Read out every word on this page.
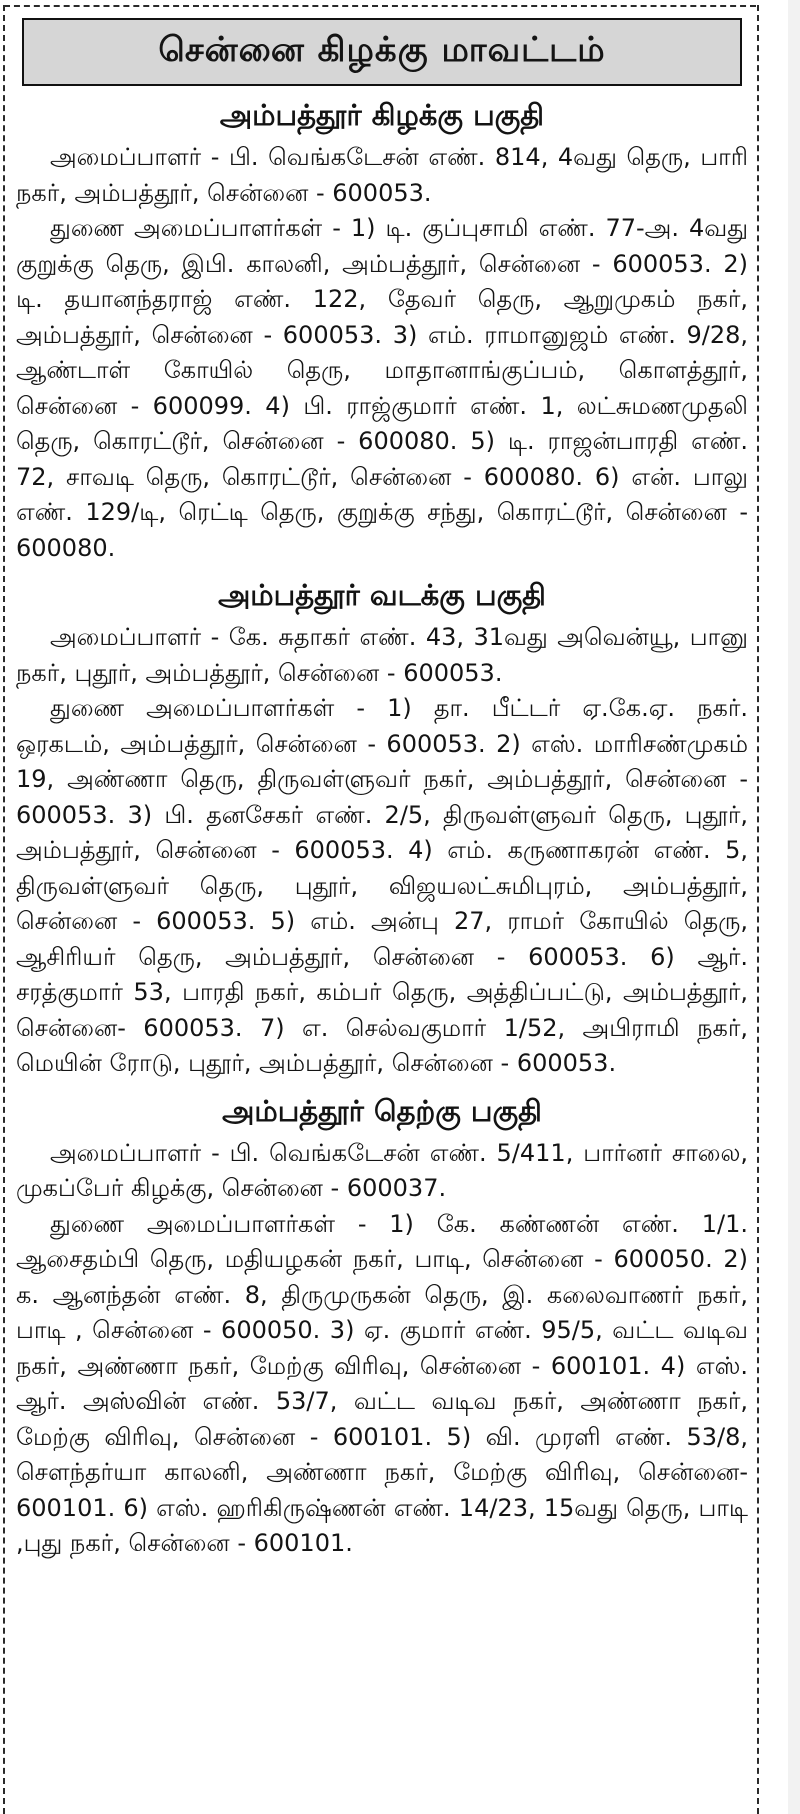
சென்னை கிழக்கு மாவட்டம்
அம்பத்தூர் கிழக்கு பகுதி

அமைப்பாளர் - பி. வெங்கடேசன் எண். 814, 4வது தெரு, பாரி நகர், அம்பத்தூர், சென்னை - 600053.

துணை அமைப்பாளர்கள் - 1) டி. குப்புசாமி எண். 77-அ. 4வது குறுக்கு தெரு, இபி. காலனி, அம்பத்தூர், சென்னை - 600053. 2) டி. தயானந்தராஜ் எண். 122, தேவர் தெரு, ஆறுமுகம் நகர், அம்பத்தூர், சென்னை - 600053. 3) எம். ராமானுஜம் எண். 9/28, ஆண்டாள் கோயில் தெரு, மாதானாங்குப்பம், கொளத்தூர், சென்னை - 600099. 4) பி. ராஜ்குமார் எண். 1, லட்சுமணமுதலி தெரு, கொரட்டூர், சென்னை - 600080. 5) டி. ராஜன்பாரதி எண். 72, சாவடி தெரு, கொரட்டூர், சென்னை - 600080. 6) என். பாலு எண். 129/டி, ரெட்டி தெரு, குறுக்கு சந்து, கொரட்டூர், சென்னை - 600080.

அம்பத்தூர் வடக்கு பகுதி

அமைப்பாளர் - கே. சுதாகர் எண். 43, 31வது அவென்யூ, பானு நகர், புதூர், அம்பத்தூர், சென்னை - 600053.

துணை அமைப்பாளர்கள் - 1) தா. பீட்டர் ஏ.கே.ஏ. நகர். ஒரகடம், அம்பத்தூர், சென்னை - 600053. 2) எஸ். மாரிசண்முகம் 19, அண்ணா தெரு, திருவள்ளுவர் நகர், அம்பத்தூர், சென்னை - 600053. 3) பி. தனசேகர் எண். 2/5, திருவள்ளுவர் தெரு, புதூர், அம்பத்தூர், சென்னை - 600053. 4) எம். கருணாகரன் எண். 5, திருவள்ளுவர் தெரு, புதூர், விஜயலட்சுமிபுரம், அம்பத்தூர், சென்னை - 600053. 5) எம். அன்பு 27, ராமர் கோயில் தெரு, ஆசிரியர் தெரு, அம்பத்தூர், சென்னை - 600053. 6) ஆர். சரத்குமார் 53, பாரதி நகர், கம்பர் தெரு, அத்திப்பட்டு, அம்பத்தூர், சென்னை- 600053. 7) எ. செல்வகுமார் 1/52, அபிராமி நகர், மெயின் ரோடு, புதூர், அம்பத்தூர், சென்னை - 600053.

அம்பத்தூர் தெற்கு பகுதி

அமைப்பாளர் - பி. வெங்கடேசன் எண். 5/411, பார்னர் சாலை, முகப்பேர் கிழக்கு, சென்னை - 600037.

துணை அமைப்பாளர்கள் - 1) கே. கண்ணன் எண். 1/1. ஆசைதம்பி தெரு, மதியழகன் நகர், பாடி, சென்னை - 600050. 2) க. ஆனந்தன் எண். 8, திருமுருகன் தெரு, இ. கலைவாணர் நகர், பாடி , சென்னை - 600050. 3) ஏ. குமார் எண். 95/5, வட்ட வடிவ நகர், அண்ணா நகர், மேற்கு விரிவு, சென்னை - 600101. 4) எஸ். ஆர். அஸ்வின் எண். 53/7, வட்ட வடிவ நகர், அண்ணா நகர், மேற்கு விரிவு, சென்னை - 600101. 5) வி. முரளி எண். 53/8, சௌந்தர்யா காலனி, அண்ணா நகர், மேற்கு விரிவு, சென்னை- 600101. 6) எஸ். ஹரிகிருஷ்ணன் எண். 14/23, 15வது தெரு, பாடி ,புது நகர், சென்னை - 600101.
